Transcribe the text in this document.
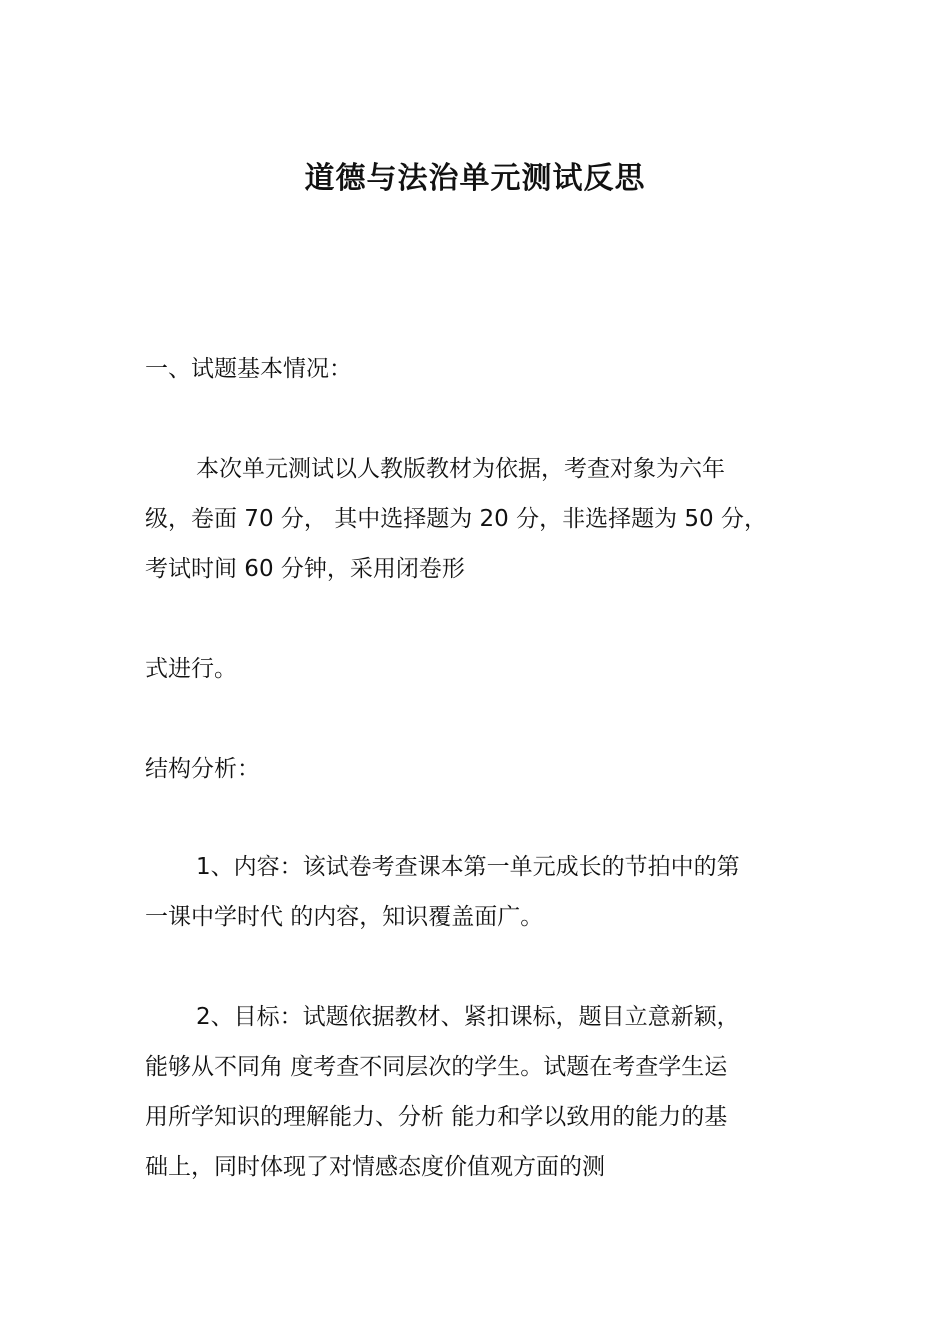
道德与法治单元测试反思
一、试题基本情况：
本次单元测试以人教版教材为依据，考查对象为六年
级，卷面 70 分， 其中选择题为 20 分，非选择题为 50 分，
考试时间 60 分钟，采用闭卷形
式进行。
结构分析：
1、内容：该试卷考查课本第一单元成长的节拍中的第
一课中学时代 的内容，知识覆盖面广。
2、目标：试题依据教材、紧扣课标，题目立意新颖，
能够从不同角 度考查不同层次的学生。试题在考查学生运
用所学知识的理解能力、分析 能力和学以致用的能力的基
础上，同时体现了对情感态度价值观方面的测
